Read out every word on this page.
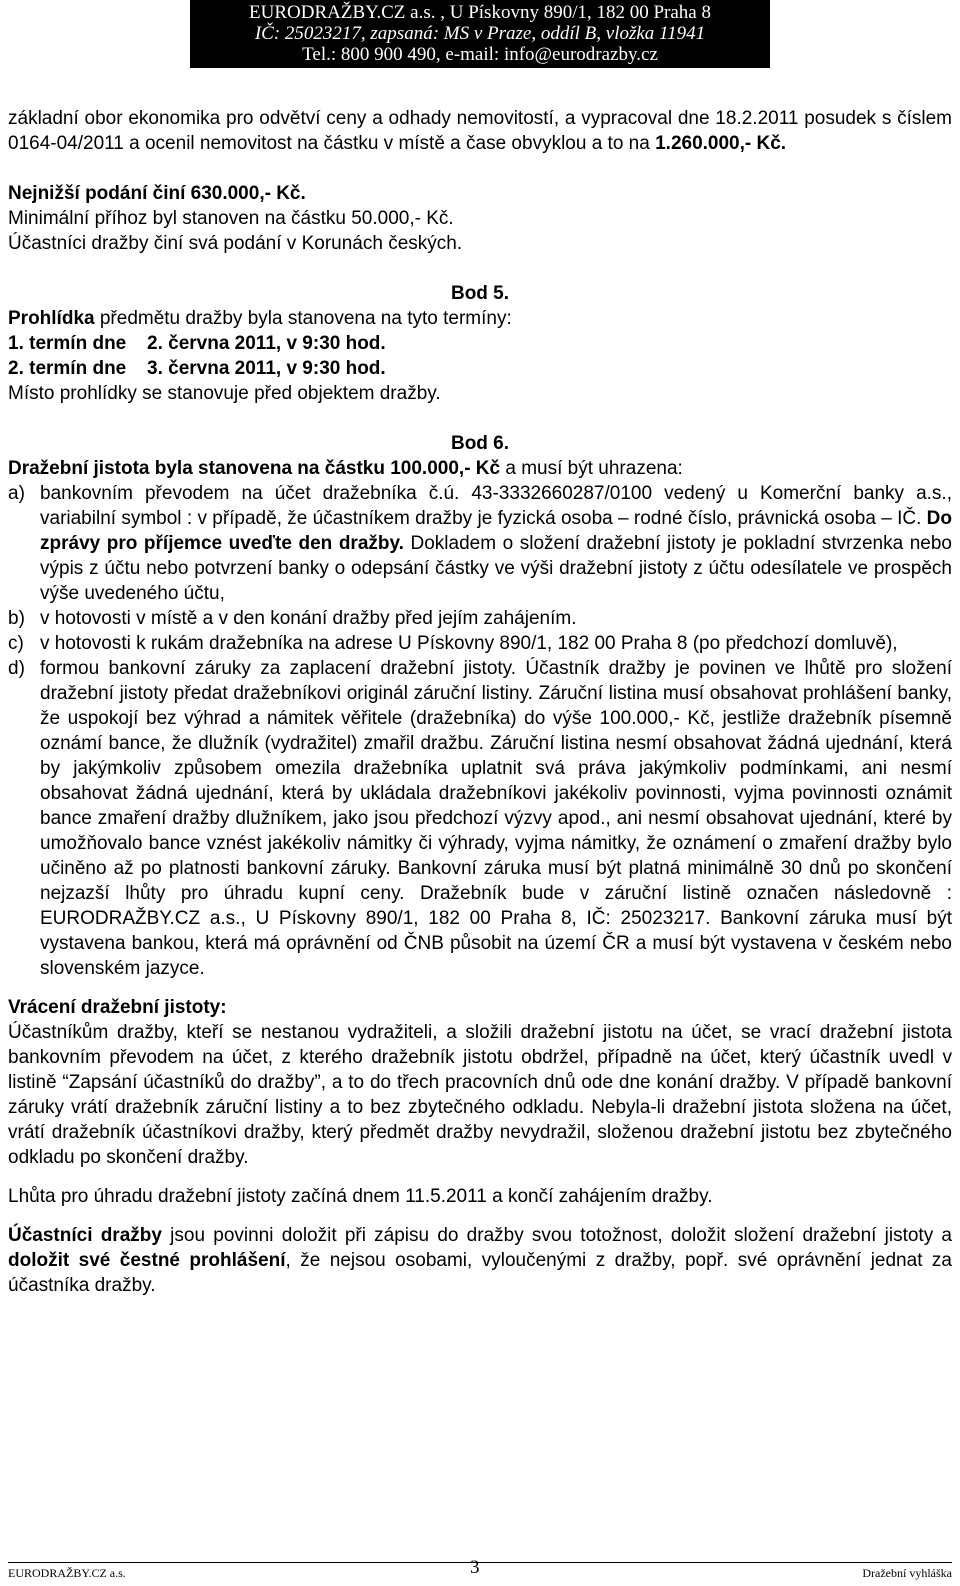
EURODRAŽBY.CZ a.s. , U Pískovny 890/1, 182 00 Praha 8
IČ: 25023217, zapsaná: MS v Praze, oddíl B, vložka 11941
Tel.: 800 900 490, e-mail: info@eurodrazby.cz

základní obor ekonomika pro odvětví ceny a odhady nemovitostí, a vypracoval dne 18.2.2011 posudek s číslem 0164-04/2011 a ocenil nemovitost na částku v místě a čase obvyklou a to na 1.260.000,- Kč.

Nejnižší podání činí 630.000,- Kč.

Minimální příhoz byl stanoven na částku 50.000,- Kč.

Účastníci dražby činí svá podání v Korunách českých.

Bod 5.

Prohlídka předmětu dražby byla stanovena na tyto termíny:

1. termín dne	2. června 2011, v 9:30 hod.
2. termín dne	3. června 2011, v 9:30 hod.

Místo prohlídky se stanovuje před objektem dražby.

Bod 6.

Dražební jistota byla stanovena na částku 100.000,- Kč a musí být uhrazena:

a) bankovním převodem na účet dražebníka č.ú. 43-3332660287/0100 vedený u Komerční banky a.s., variabilní symbol : v případě, že účastníkem dražby je fyzická osoba – rodné číslo, právnická osoba – IČ. Do zprávy pro příjemce uveďte den dražby. Dokladem o složení dražební jistoty je pokladní stvrzenka nebo výpis z účtu nebo potvrzení banky o odepsání částky ve výši dražební jistoty z účtu odesílatele ve prospěch výše uvedeného účtu,
b) v hotovosti v místě a v den konání dražby před jejím zahájením.
c) v hotovosti k rukám dražebníka na adrese U Pískovny 890/1, 182 00 Praha 8 (po předchozí domluvě),
d) formou bankovní záruky za zaplacení dražební jistoty. Účastník dražby je povinen ve lhůtě pro složení dražební jistoty předat dražebníkovi originál záruční listiny. Záruční listina musí obsahovat prohlášení banky, že uspokojí bez výhrad a námitek věřitele (dražebníka) do výše 100.000,- Kč, jestliže dražebník písemně oznámí bance, že dlužník (vydražitel) zmařil dražbu. Záruční listina nesmí obsahovat žádná ujednání, která by jakýmkoliv způsobem omezila dražebníka uplatnit svá práva jakýmkoliv podmínkami, ani nesmí obsahovat žádná ujednání, která by ukládala dražebníkovi jakékoliv povinnosti, vyjma povinnosti oznámit bance zmaření dražby dlužníkem, jako jsou předchozí výzvy apod., ani nesmí obsahovat ujednání, které by umožňovalo bance vznést jakékoliv námitky či výhrady, vyjma námitky, že oznámení o zmaření dražby bylo učiněno až po platnosti bankovní záruky. Bankovní záruka musí být platná minimálně 30 dnů po skončení nejzazší lhůty pro úhradu kupní ceny. Dražebník bude v záruční listině označen následovně : EURODRAŽBY.CZ a.s., U Pískovny 890/1, 182 00 Praha 8, IČ: 25023217. Bankovní záruka musí být vystavena bankou, která má oprávnění od ČNB působit na území ČR a musí být vystavena v českém nebo slovenském jazyce.

Vrácení dražební jistoty:

Účastníkům dražby, kteří se nestanou vydražiteli, a složili dražební jistotu na účet, se vrací dražební jistota bankovním převodem na účet, z kterého dražebník jistotu obdržel, případně na účet, který účastník uvedl v listině “Zapsání účastníků do dražby”, a to do třech pracovních dnů ode dne konání dražby. V případě bankovní záruky vrátí dražebník záruční listiny a to bez zbytečného odkladu. Nebyla-li dražební jistota složena na účet, vrátí dražebník účastníkovi dražby, který předmět dražby nevydražil, složenou dražební jistotu bez zbytečného odkladu po skončení dražby.

Lhůta pro úhradu dražební jistoty začíná dnem 11.5.2011 a končí zahájením dražby.

Účastníci dražby jsou povinni doložit při zápisu do dražby svou totožnost, doložit složení dražební jistoty a doložit své čestné prohlášení, že nejsou osobami, vyloučenými z dražby, popř. své oprávnění jednat za účastníka dražby.

EURODRAŽBY.CZ a.s.	3	Dražební vyhláška
